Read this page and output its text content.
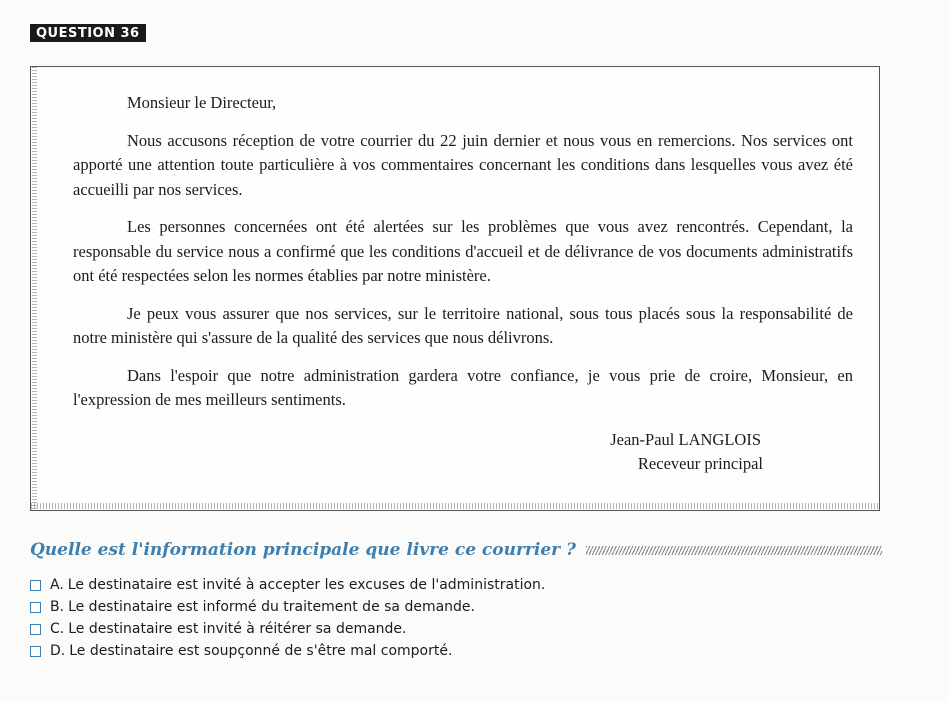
QUESTION 36

Monsieur le Directeur,

Nous accusons réception de votre courrier du 22 juin dernier et nous vous en remercions. Nos services ont apporté une attention toute particulière à vos commentaires concernant les conditions dans lesquelles vous avez été accueilli par nos services.

Les personnes concernées ont été alertées sur les problèmes que vous avez rencontrés. Cependant, la responsable du service nous a confirmé que les conditions d'accueil et de délivrance de vos documents administratifs ont été respectées selon les normes établies par notre ministère.

Je peux vous assurer que nos services, sur le territoire national, sous tous placés sous la responsabilité de notre ministère qui s'assure de la qualité des services que nous délivrons.

Dans l'espoir que notre administration gardera votre confiance, je vous prie de croire, Monsieur, en l'expression de mes meilleurs sentiments.

Jean-Paul LANGLOIS
Receveur principal
Quelle est l'information principale que livre ce courrier ?
A. Le destinataire est invité à accepter les excuses de l'administration.
B. Le destinataire est informé du traitement de sa demande.
C. Le destinataire est invité à réitérer sa demande.
D. Le destinataire est soupçonné de s'être mal comporté.
